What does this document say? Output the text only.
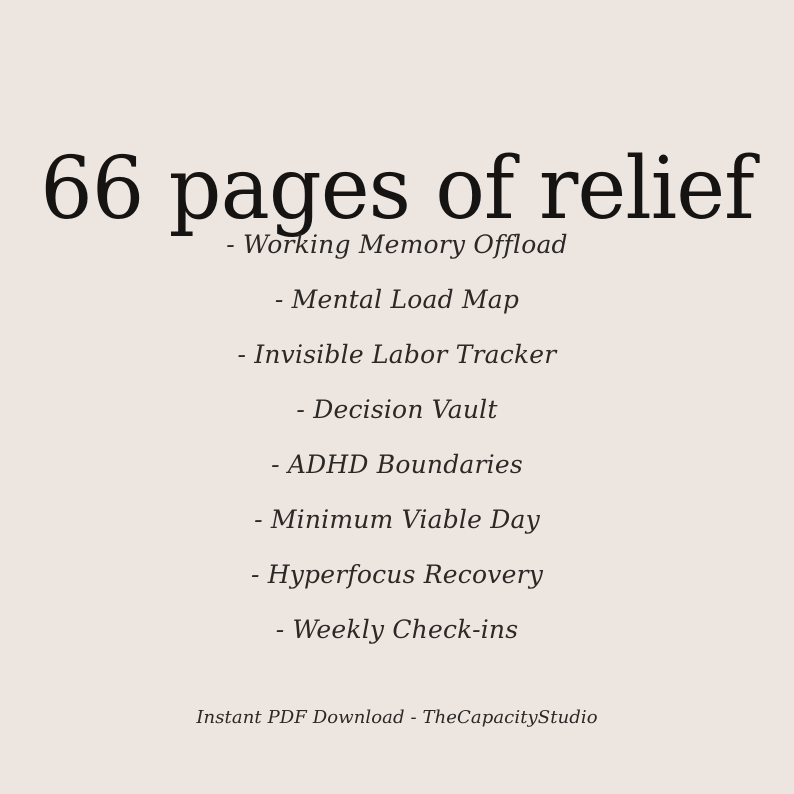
66 pages of relief
- Working Memory Offload
- Mental Load Map
- Invisible Labor Tracker
- Decision Vault
- ADHD Boundaries
- Minimum Viable Day
- Hyperfocus Recovery
- Weekly Check-ins
Instant PDF Download - TheCapacityStudio
